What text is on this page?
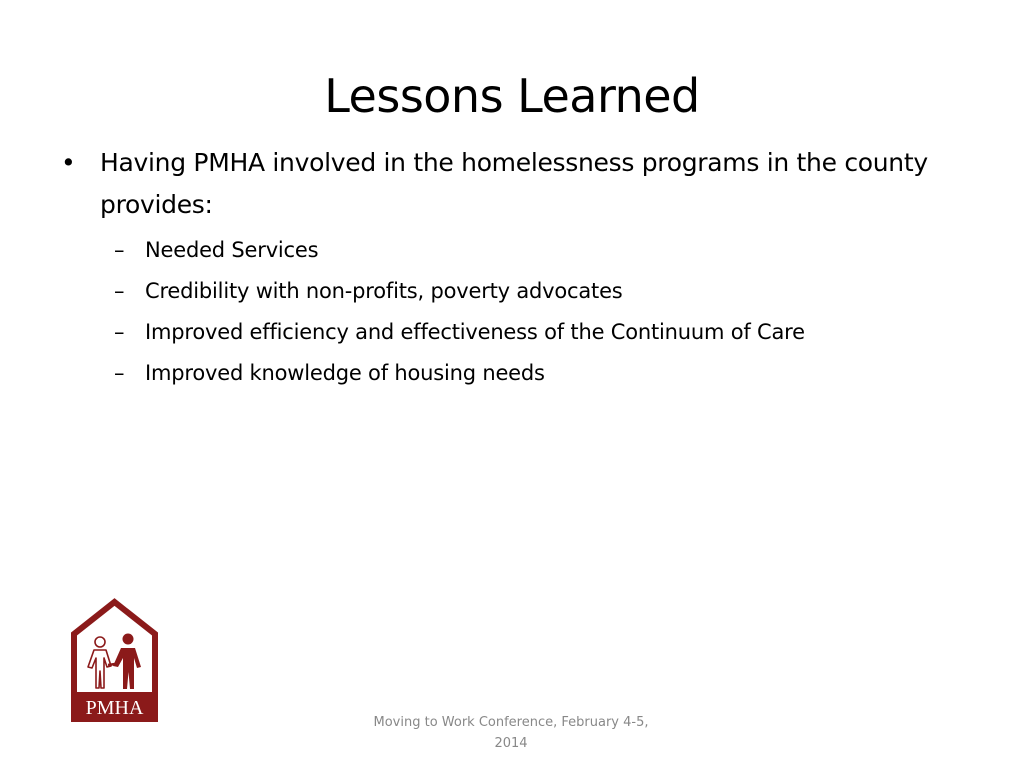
Lessons Learned
• Having PMHA involved in the homelessness programs in the county provides:
– Needed Services
– Credibility with non-profits, poverty advocates
– Improved efficiency and effectiveness of the Continuum of Care
– Improved knowledge of housing needs
PMHA
Moving to Work Conference, February 4-5, 2014
